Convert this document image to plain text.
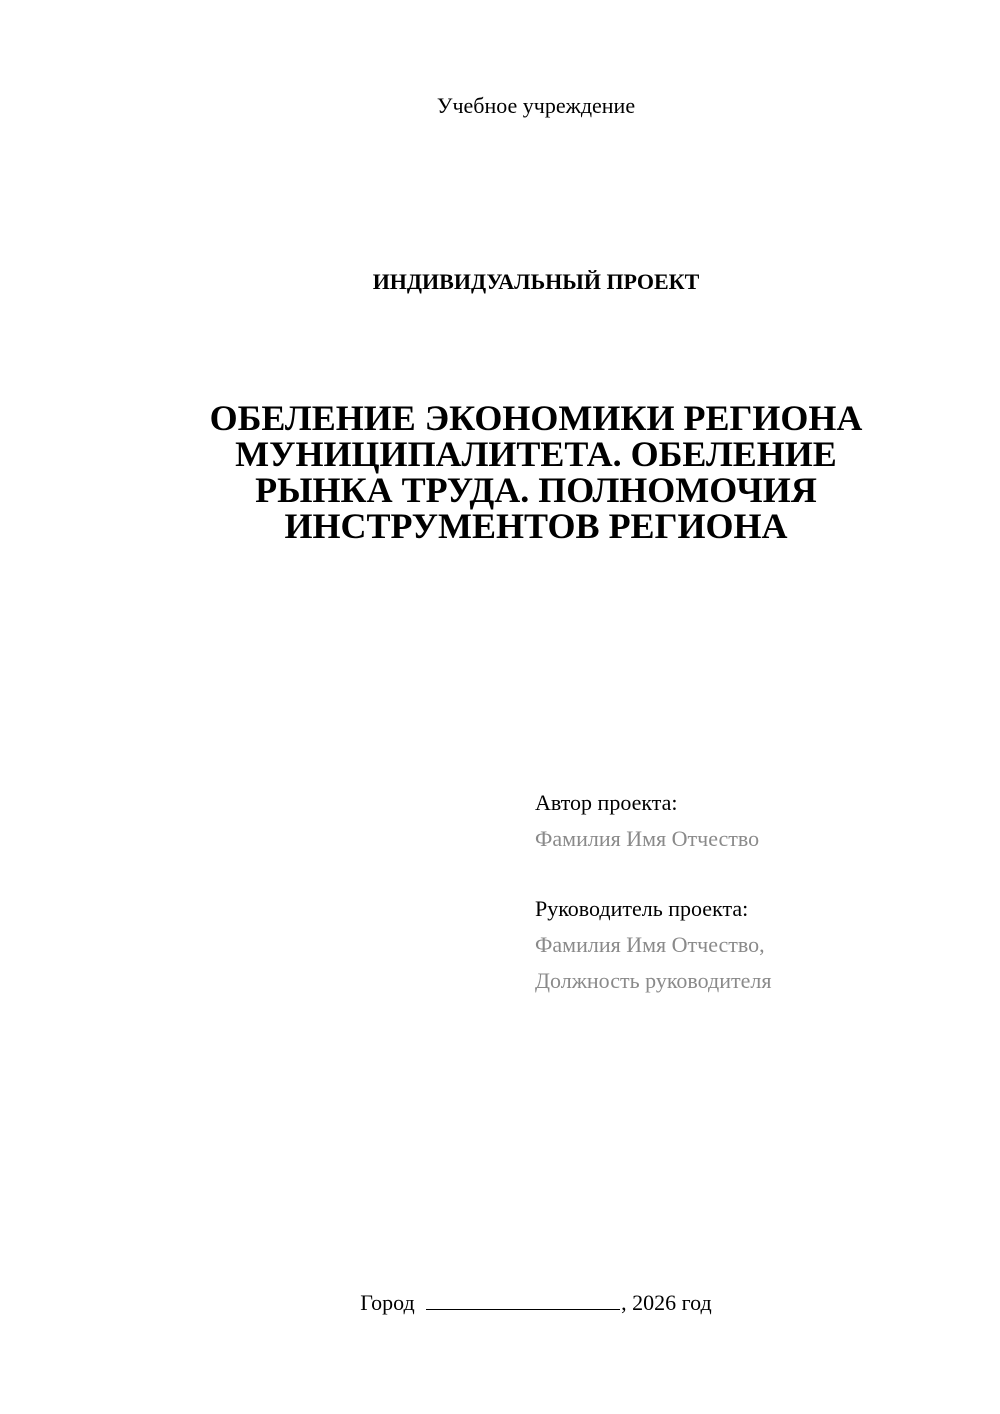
Учебное учреждение
ИНДИВИДУАЛЬНЫЙ ПРОЕКТ
ОБЕЛЕНИЕ ЭКОНОМИКИ РЕГИОНА
МУНИЦИПАЛИТЕТА. ОБЕЛЕНИЕ
РЫНКА ТРУДА. ПОЛНОМОЧИЯ
ИНСТРУМЕНТОВ РЕГИОНА
Автор проекта:
Фамилия Имя Отчество
Руководитель проекта:
Фамилия Имя Отчество,
Должность руководителя
Город	, 2026 год
